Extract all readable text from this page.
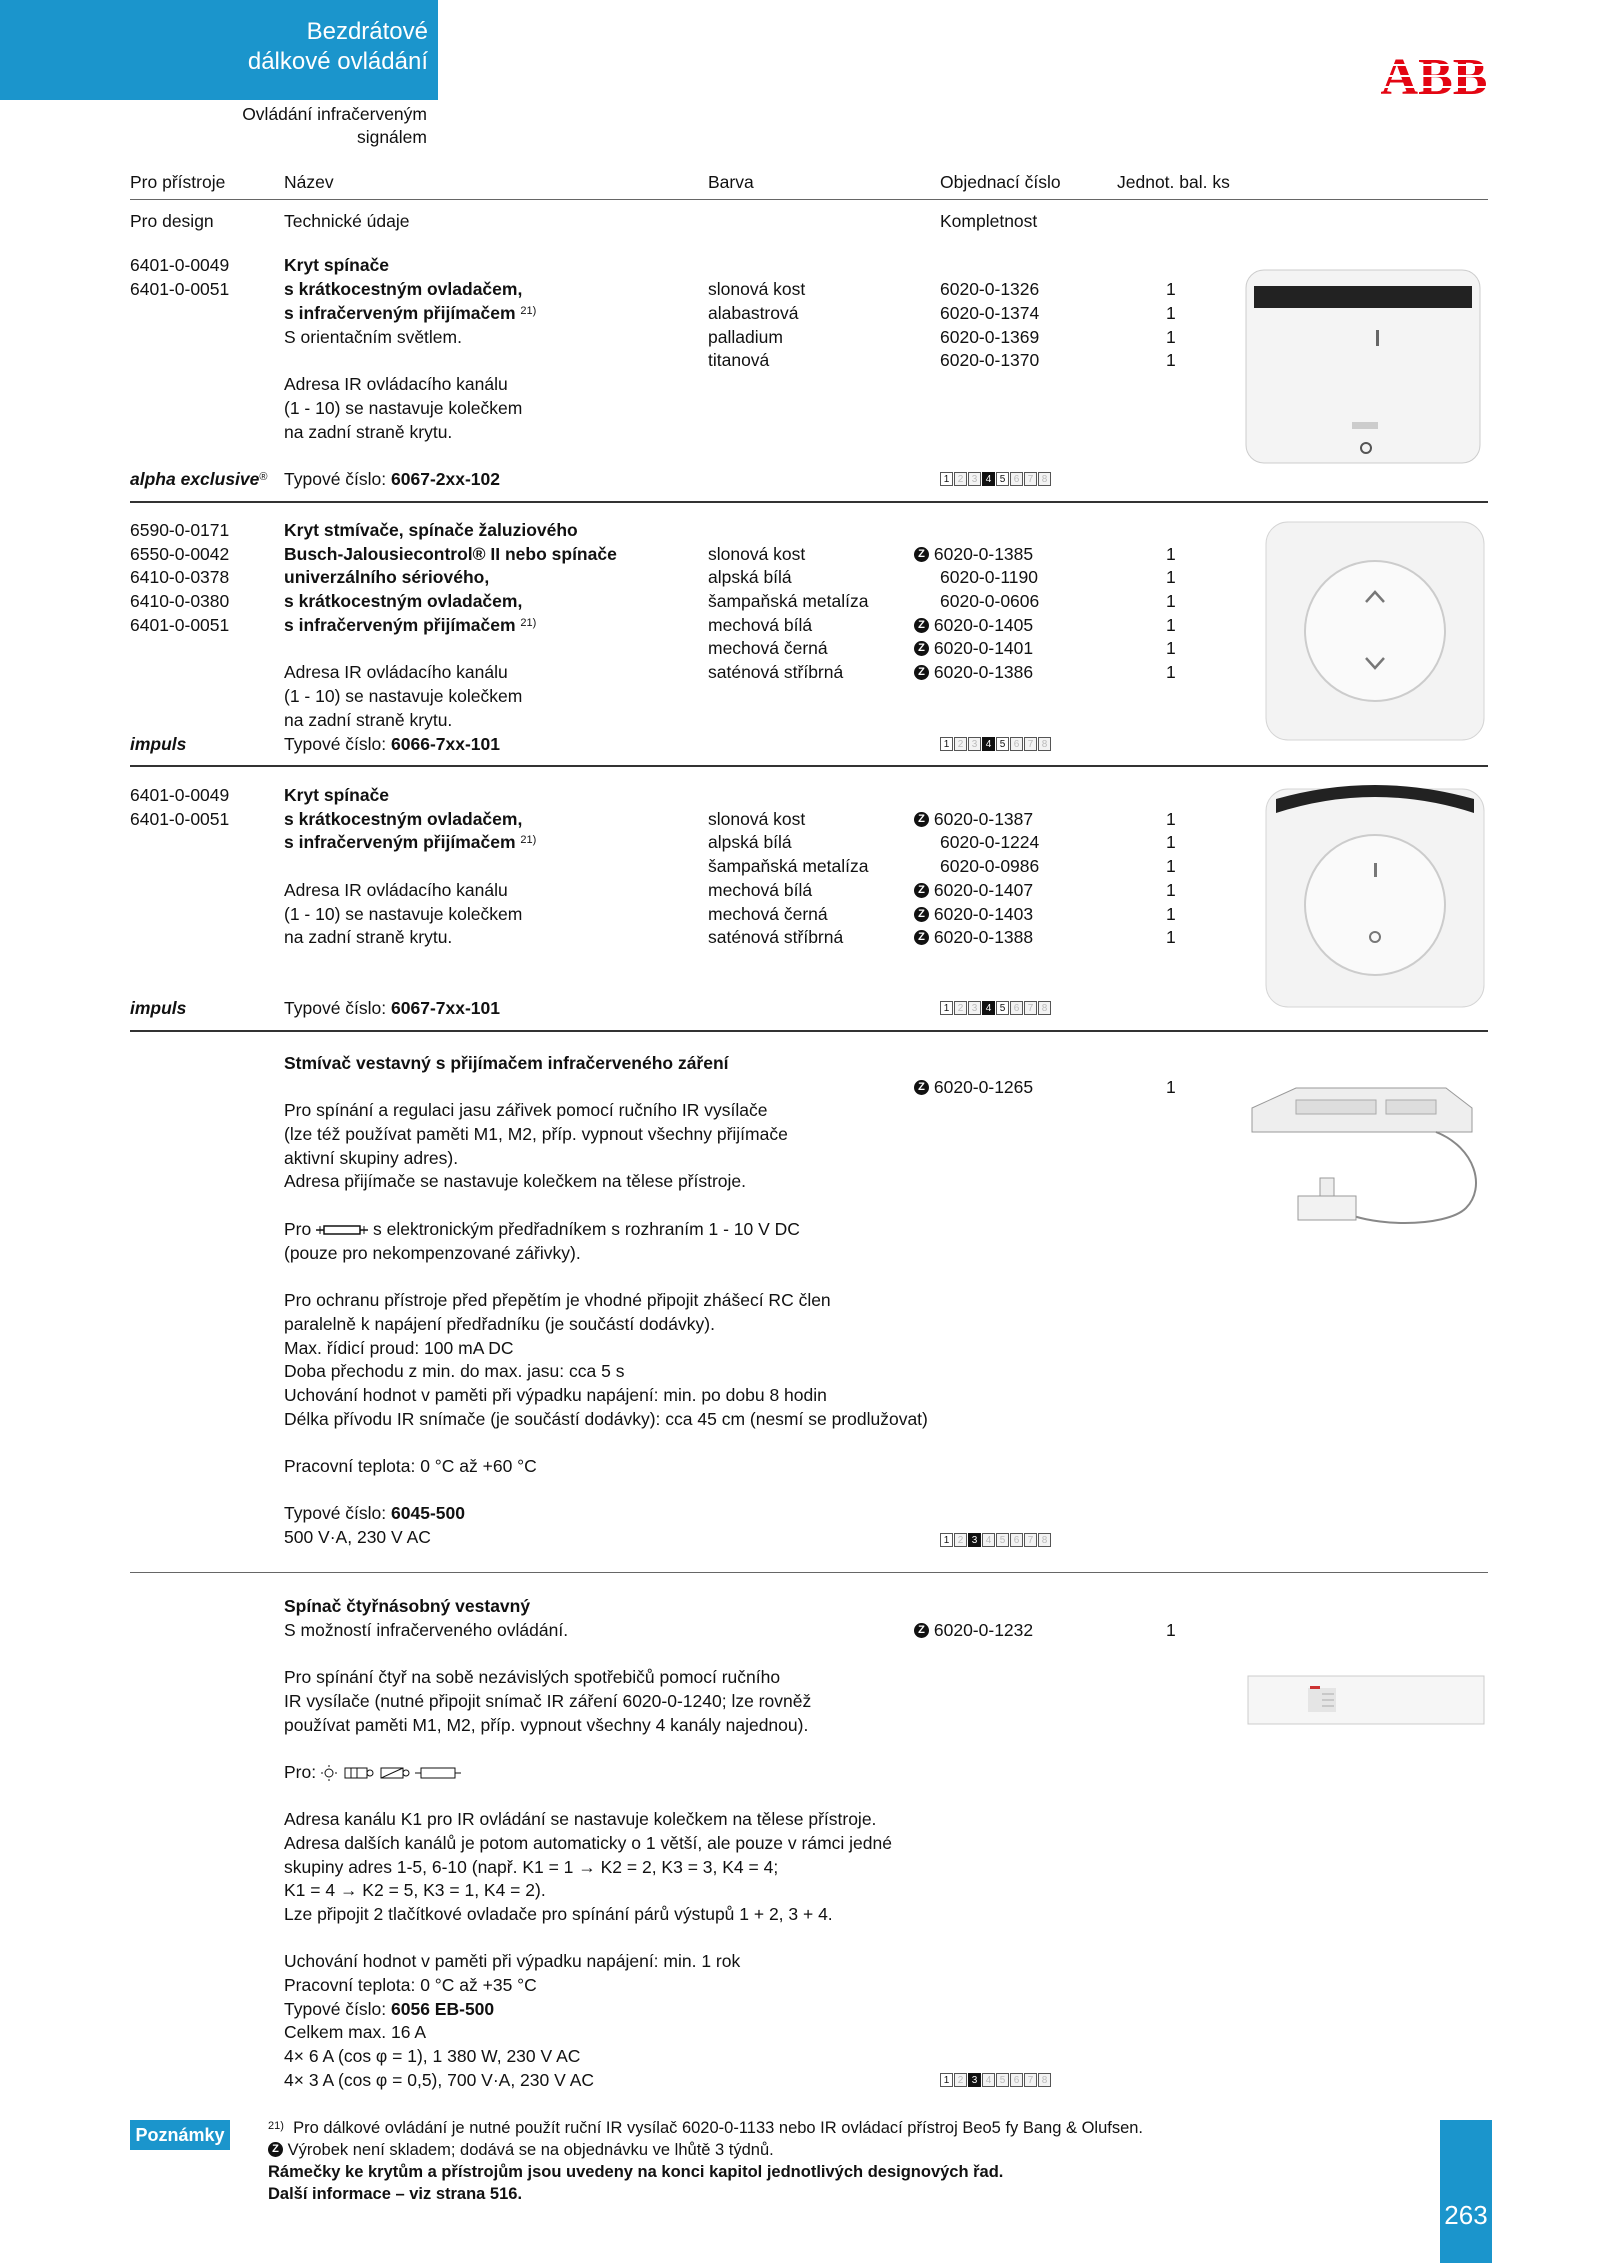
Bezdrátové
dálkové ovládání
Ovládání infračerveným
signálem
ABB
Pro přístroje	Název	Barva	Objednací číslo	Jednot. bal. ks
Pro design	Technické údaje	Kompletnost
6401-0-0049
6401-0-0051
Kryt spínače
s krátkocestným ovladačem,
s infračerveným přijímačem $^{21)}$
S orientačním světlem.
Adresa IR ovládacího kanálu
(1 - 10) se nastavuje kolečkem
na zadní straně krytu.
slonová kost	6020-0-1326	1
alabastrová	6020-0-1374	1
palladium	6020-0-1369	1
titanová	6020-0-1370	1
alpha exclusive® Typové číslo: 6067-2xx-102	1 2 3 4 5 6 7 8
6590-0-0171
6550-0-0042
6410-0-0378
6410-0-0380
6401-0-0051
Kryt stmívače, spínače žaluziového
Busch-Jalousiecontrol® II nebo spínače
univerzálního sériového,
s krátkocestným ovladačem,
s infračerveným přijímačem $^{21)}$
Adresa IR ovládacího kanálu
(1 - 10) se nastavuje kolečkem
na zadní straně krytu.
slonová kost	Z 6020-0-1385	1
alpská bílá	6020-0-1190	1
šampaňská metalíza	6020-0-0606	1
mechová bílá	Z 6020-0-1405	1
mechová černá	Z 6020-0-1401	1
saténová stříbrná	Z 6020-0-1386	1
impuls	Typové číslo: 6066-7xx-101	1 2 3 4 5 6 7 8
6401-0-0049
6401-0-0051
Kryt spínače
s krátkocestným ovladačem,
s infračerveným přijímačem $^{21)}$
Adresa IR ovládacího kanálu
(1 - 10) se nastavuje kolečkem
na zadní straně krytu.
slonová kost	Z 6020-0-1387	1
alpská bílá	6020-0-1224	1
šampaňská metalíza	6020-0-0986	1
mechová bílá	Z 6020-0-1407	1
mechová černá	Z 6020-0-1403	1
saténová stříbrná	Z 6020-0-1388	1
impuls	Typové číslo: 6067-7xx-101	1 2 3 4 5 6 7 8
Stmívač vestavný s přijímačem infračerveného záření
Z 6020-0-1265	1
Pro spínání a regulaci jasu zářivek pomocí ručního IR vysílače
(lze též používat paměti M1, M2, příp. vypnout všechny přijímače
aktivní skupiny adres).
Adresa přijímače se nastavuje kolečkem na tělese přístroje.
Pro	s elektronickým předřadníkem s rozhraním 1 - 10 V DC
(pouze pro nekompenzované zářivky).
Pro ochranu přístroje před přepětím je vhodné připojit zhášecí RC člen
paralelně k napájení předřadníku (je součástí dodávky).
Max. řídicí proud: 100 mA DC
Doba přechodu z min. do max. jasu: cca 5 s
Uchování hodnot v paměti při výpadku napájení: min. po dobu 8 hodin
Délka přívodu IR snímače (je součástí dodávky): cca 45 cm (nesmí se prodlužovat)
Pracovní teplota: 0 °C až +60 °C
Typové číslo: 6045-500
500 V·A, 230 V AC	1 2 3 4 5 6 7 8
Spínač čtyřnásobný vestavný
S možností infračerveného ovládání.	Z 6020-0-1232	1
Pro spínání čtyř na sobě nezávislých spotřebičů pomocí ručního
IR vysílače (nutné připojit snímač IR záření 6020-0-1240; lze rovněž
používat paměti M1, M2, příp. vypnout všechny 4 kanály najednou).
Pro:
Adresa kanálu K1 pro IR ovládání se nastavuje kolečkem na tělese přístroje.
Adresa dalších kanálů je potom automaticky o 1 větší, ale pouze v rámci jedné
skupiny adres 1-5, 6-10 (např. K1 = 1 → K2 = 2, K3 = 3, K4 = 4;
K1 = 4 → K2 = 5, K3 = 1, K4 = 2).
Lze připojit 2 tlačítkové ovladače pro spínání párů výstupů 1 + 2, 3 + 4.
Uchování hodnot v paměti při výpadku napájení: min. 1 rok
Pracovní teplota: 0 °C až +35 °C
Typové číslo: 6056 EB-500
Celkem max. 16 A
4× 6 A (cos φ = 1), 1 380 W, 230 V AC
4× 3 A (cos φ = 0,5), 700 V·A, 230 V AC	1 2 3 4 5 6 7 8
Poznámky	$^{21)}$ Pro dálkové ovládání je nutné použít ruční IR vysílač 6020-0-1133 nebo IR ovládací přístroj Beo5 fy Bang & Olufsen.
Z Výrobek není skladem; dodává se na objednávku ve lhůtě 3 týdnů.
Rámečky ke krytům a přístrojům jsou uvedeny na konci kapitol jednotlivých designových řad.
Další informace – viz strana 516.
263
